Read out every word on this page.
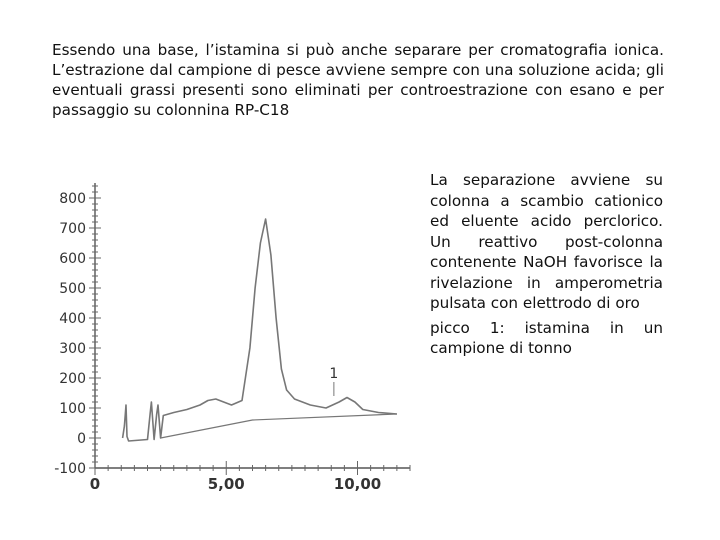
Essendo una base, l’istamina si può anche separare per cromatografia ionica. L’estrazione dal campione di pesce avviene sempre con una soluzione acida; gli eventuali grassi presenti sono eliminati per controestrazione con esano e per passaggio su colonnina RP-C18

800
700
600
500
400
300
200
100
0
-100
0	5,00	10,00
1

La separazione avviene su colonna a scambio cationico ed eluente acido perclorico. Un reattivo post-colonna contenente NaOH favorisce la rivelazione in amperometria pulsata con elettrodo di oro

picco 1: istamina in un campione di tonno
